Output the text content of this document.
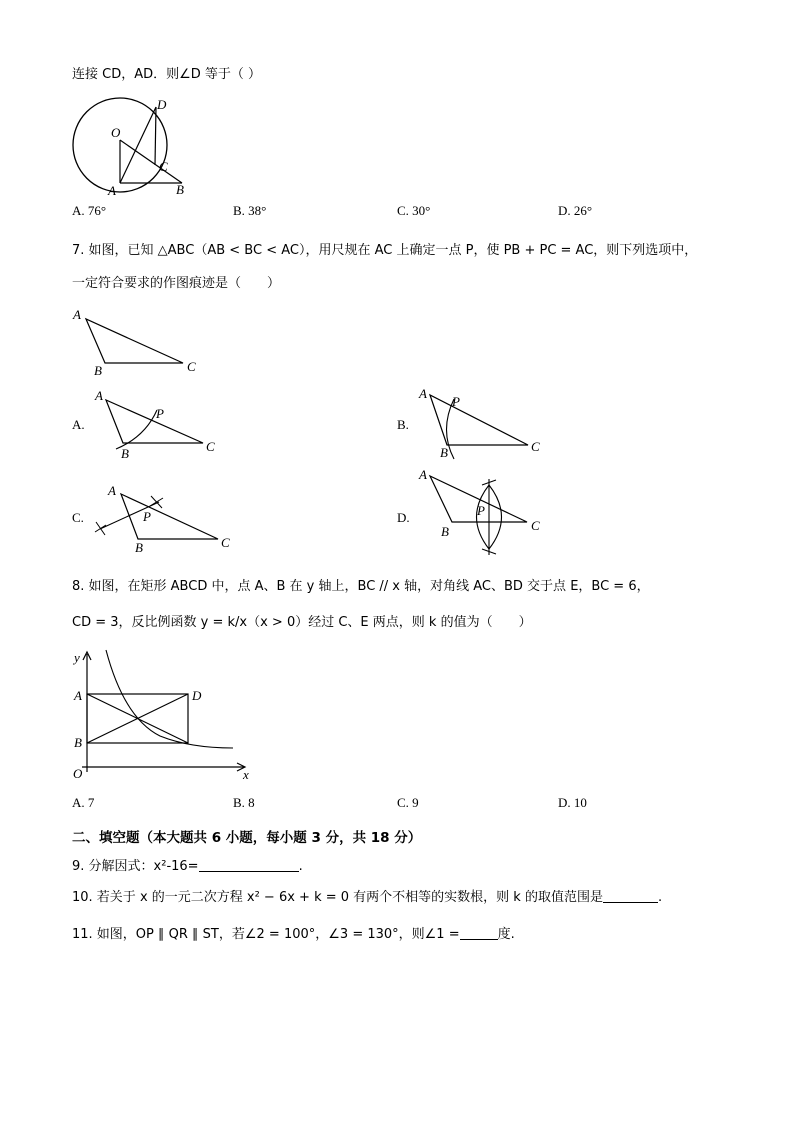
连接 CD，AD．则∠D 等于（ ）
O
D
C
A	B
A. 76°	B. 38°	C. 30°	D. 26°
7. 如图，已知 △ABC（AB < BC < AC），用尺规在 AC 上确定一点 P，使 PB + PC = AC，则下列选项中，
一定符合要求的作图痕迹是（　　）
A
B	C
A.
A
P
B	C
B.
A
P
B	C
C.
A
P
B	C
D.
A
P
B	C
8. 如图，在矩形 ABCD 中，点 A、B 在 y 轴上，BC // x 轴，对角线 AC、BD 交于点 E，BC = 6，
CD = 3，反比例函数 y = k/x（x > 0）经过 C、E 两点，则 k 的值为（　　）
y
x
O
A
B
D
A. 7	B. 8	C. 9	D. 10
二、填空题（本大题共 6 小题，每小题 3 分，共 18 分）
9. 分解因式：x²-16=	.
10. 若关于 x 的一元二次方程 x² − 6x + k = 0 有两个不相等的实数根，则 k 的取值范围是	.
11. 如图，OP ∥ QR ∥ ST，若∠2 = 100°，∠3 = 130°，则∠1 =	度.
